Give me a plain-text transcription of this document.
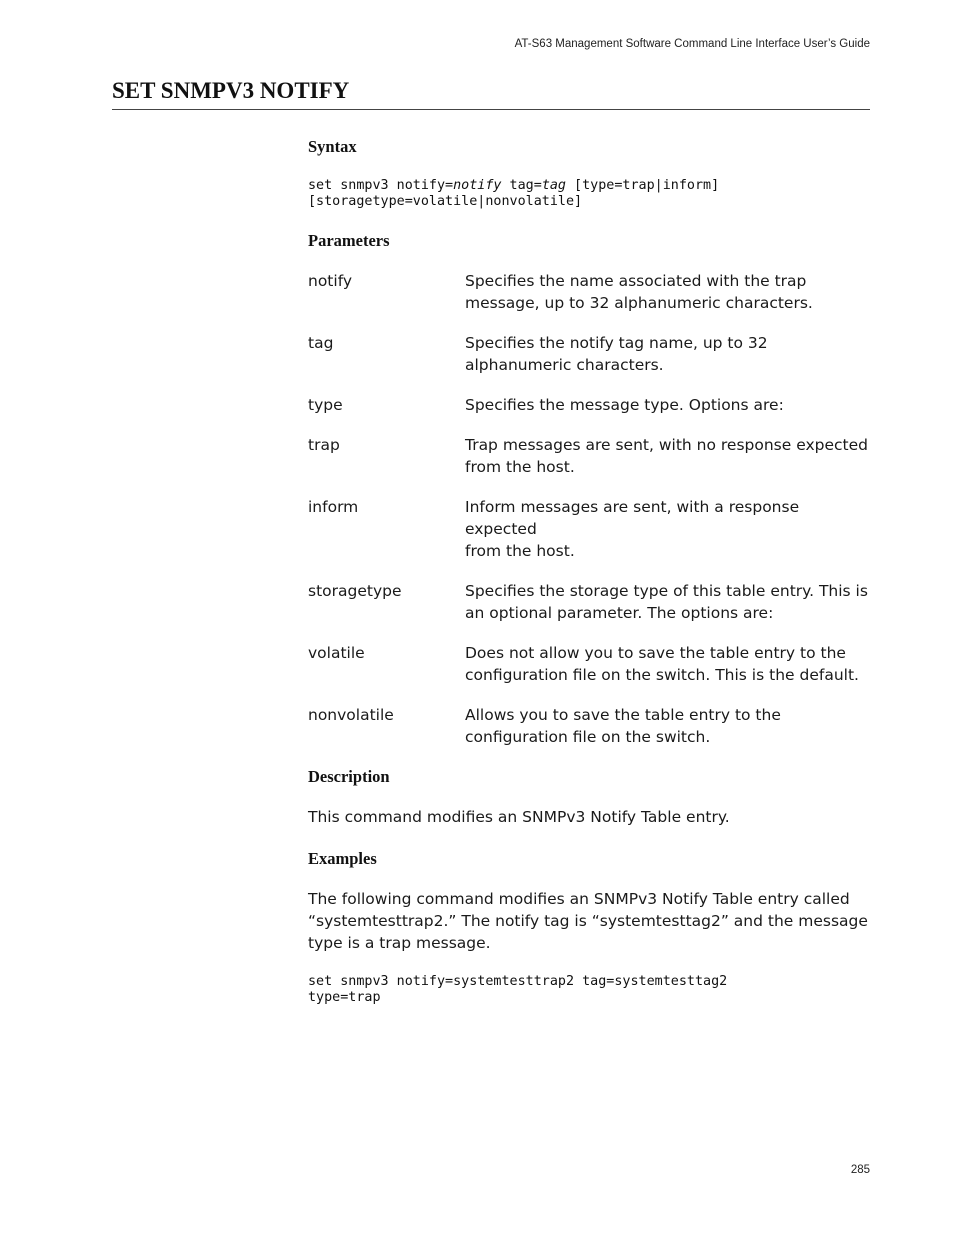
AT-S63 Management Software Command Line Interface User’s Guide
SET SNMPV3 NOTIFY
Syntax
set snmpv3 notify=notify tag=tag [type=trap|inform]
[storagetype=volatile|nonvolatile]
Parameters
notify	Specifies the name associated with the trap
message, up to 32 alphanumeric characters.
tag	Specifies the notify tag name, up to 32
alphanumeric characters.
type	Specifies the message type. Options are:
trap	Trap messages are sent, with no response expected
from the host.
inform	Inform messages are sent, with a response expected
from the host.
storagetype	Specifies the storage type of this table entry. This is
an optional parameter. The options are:
volatile	Does not allow you to save the table entry to the
configuration file on the switch. This is the default.
nonvolatile	Allows you to save the table entry to the
configuration file on the switch.
Description

This command modifies an SNMPv3 Notify Table entry.

Examples
The following command modifies an SNMPv3 Notify Table entry called
“systemtesttrap2.” The notify tag is “systemtesttag2” and the message
type is a trap message.
set snmpv3 notify=systemtesttrap2 tag=systemtesttag2
type=trap
285
